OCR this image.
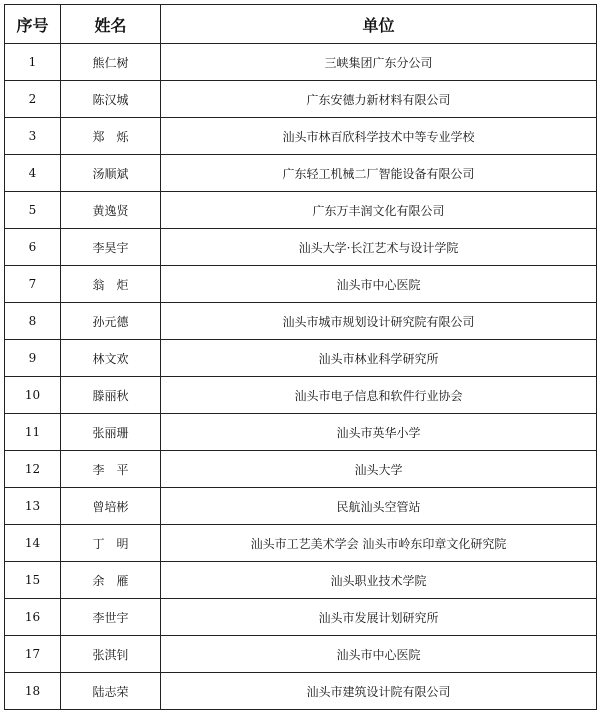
序号	姓名	单位
1	熊仁树	三峡集团广东分公司
2	陈汉城	广东安德力新材料有限公司
3	郑　烁	汕头市林百欣科学技术中等专业学校
4	汤顺斌	广东轻工机械二厂智能设备有限公司
5	黄逸贤	广东万丰润文化有限公司
6	李昊宇	汕头大学·长江艺术与设计学院
7	翁　炬	汕头市中心医院
8	孙元德	汕头市城市规划设计研究院有限公司
9	林文欢	汕头市林业科学研究所
10	滕丽秋	汕头市电子信息和软件行业协会
11	张丽珊	汕头市英华小学
12	李　平	汕头大学
13	曾培彬	民航汕头空管站
14	丁　明	汕头市工艺美术学会 汕头市岭东印章文化研究院
15	余　雁	汕头职业技术学院
16	李世宇	汕头市发展计划研究所
17	张淇钊	汕头市中心医院
18	陆志荣	汕头市建筑设计院有限公司
